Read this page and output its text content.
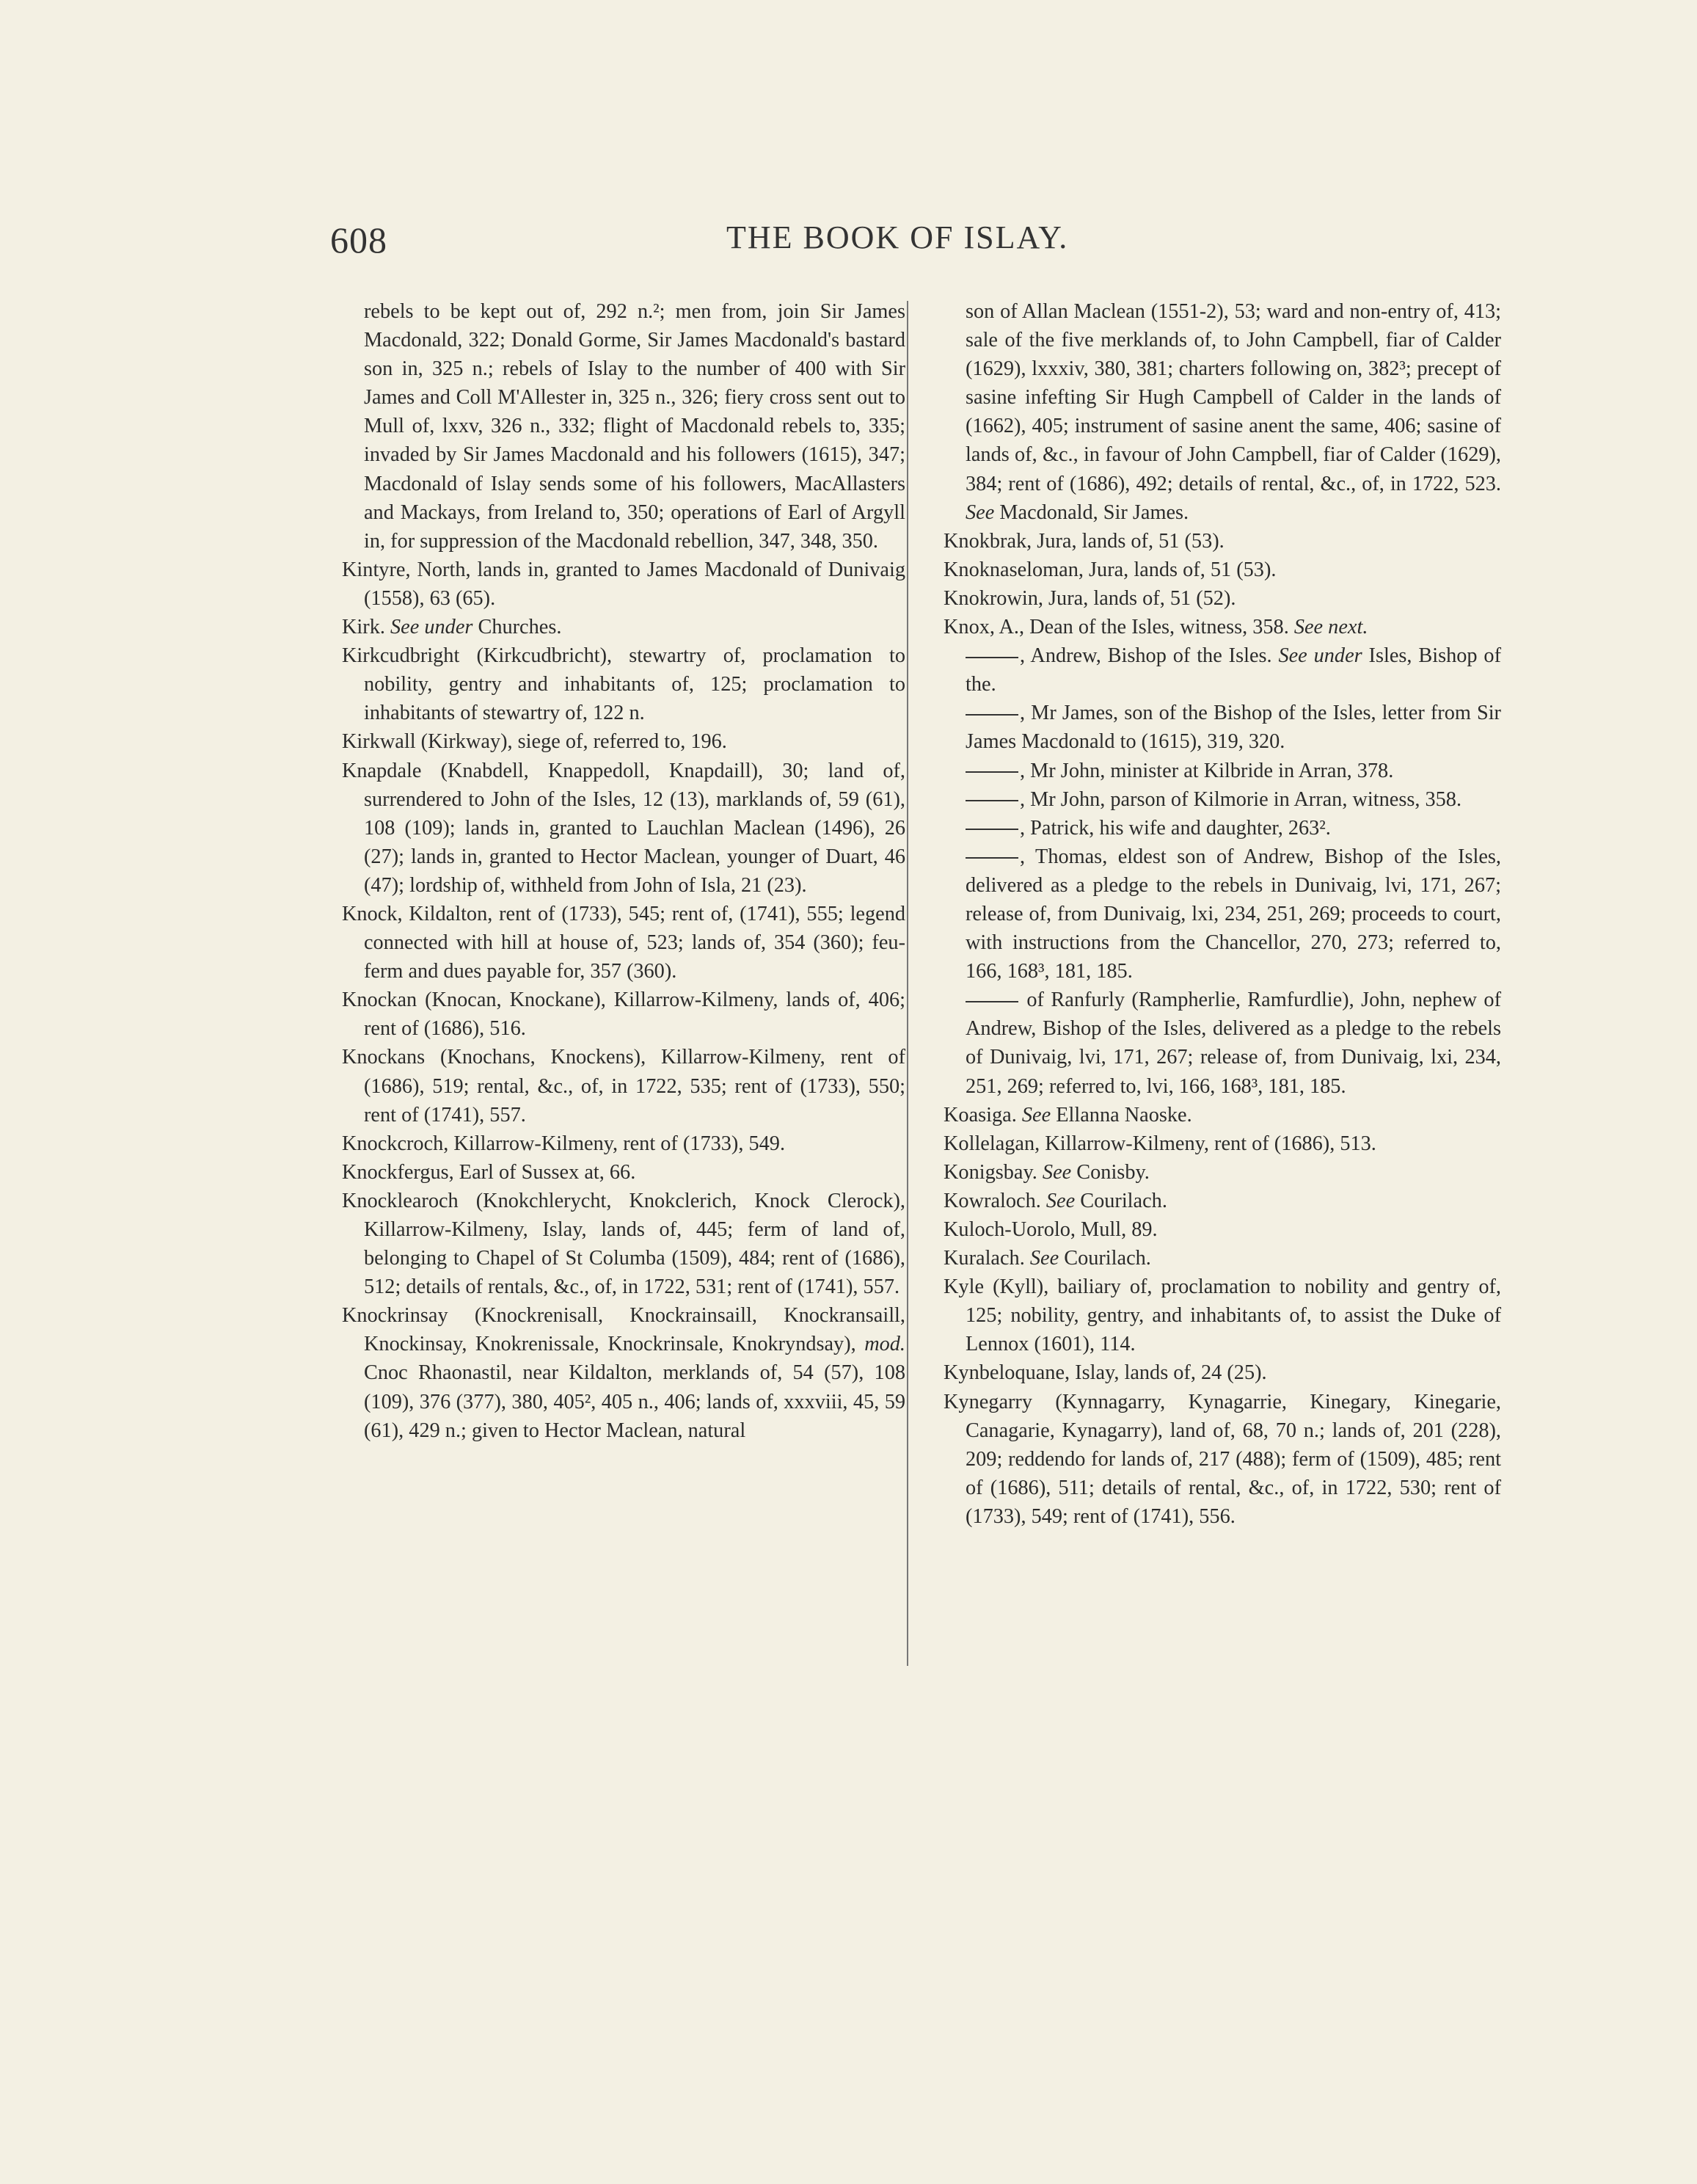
608	THE BOOK OF ISLAY.

rebels to be kept out of, 292 n.²; men from, join Sir James Macdonald, 322; Donald Gorme, Sir James Macdonald's bastard son in, 325 n.; rebels of Islay to the number of 400 with Sir James and Coll M'Allester in, 325 n., 326; fiery cross sent out to Mull of, lxxv, 326 n., 332; flight of Macdonald rebels to, 335; invaded by Sir James Macdonald and his followers (1615), 347; Macdonald of Islay sends some of his followers, MacAllasters and Mackays, from Ireland to, 350; operations of Earl of Argyll in, for suppression of the Macdonald rebellion, 347, 348, 350.

Kintyre, North, lands in, granted to James Macdonald of Dunivaig (1558), 63 (65).

Kirk. See under Churches.

Kirkcudbright (Kirkcudbricht), stewartry of, proclamation to nobility, gentry and inhabitants of, 125; proclamation to inhabitants of stewartry of, 122 n.

Kirkwall (Kirkway), siege of, referred to, 196.

Knapdale (Knabdell, Knappedoll, Knapdaill), 30; land of, surrendered to John of the Isles, 12 (13), marklands of, 59 (61), 108 (109); lands in, granted to Lauchlan Maclean (1496), 26 (27); lands in, granted to Hector Maclean, younger of Duart, 46 (47); lordship of, withheld from John of Isla, 21 (23).

Knock, Kildalton, rent of (1733), 545; rent of, (1741), 555; legend connected with hill at house of, 523; lands of, 354 (360); feu-ferm and dues payable for, 357 (360).

Knockan (Knocan, Knockane), Killarrow-Kilmeny, lands of, 406; rent of (1686), 516.

Knockans (Knochans, Knockens), Killarrow-Kilmeny, rent of (1686), 519; rental, &c., of, in 1722, 535; rent of (1733), 550; rent of (1741), 557.

Knockcroch, Killarrow-Kilmeny, rent of (1733), 549.

Knockfergus, Earl of Sussex at, 66.

Knocklearoch (Knokchlerycht, Knokclerich, Knock Clerock), Killarrow-Kilmeny, Islay, lands of, 445; ferm of land of, belonging to Chapel of St Columba (1509), 484; rent of (1686), 512; details of rentals, &c., of, in 1722, 531; rent of (1741), 557.

Knockrinsay (Knockrenisall, Knockrainsaill, Knockransaill, Knockinsay, Knokrenissale, Knockrinsale, Knokryndsay), mod. Cnoc Rhaonastil, near Kildalton, merklands of, 54 (57), 108 (109), 376 (377), 380, 405², 405 n., 406; lands of, xxxviii, 45, 59 (61), 429 n.; given to Hector Maclean, natural

son of Allan Maclean (1551-2), 53; ward and non-entry of, 413; sale of the five merklands of, to John Campbell, fiar of Calder (1629), lxxxiv, 380, 381; charters following on, 382³; precept of sasine infefting Sir Hugh Campbell of Calder in the lands of (1662), 405; instrument of sasine anent the same, 406; sasine of lands of, &c., in favour of John Campbell, fiar of Calder (1629), 384; rent of (1686), 492; details of rental, &c., of, in 1722, 523. See Macdonald, Sir James.

Knokbrak, Jura, lands of, 51 (53).

Knoknaseloman, Jura, lands of, 51 (53).

Knokrowin, Jura, lands of, 51 (52).

Knox, A., Dean of the Isles, witness, 358. See next.

, Andrew, Bishop of the Isles. See under Isles, Bishop of the.

, Mr James, son of the Bishop of the Isles, letter from Sir James Macdonald to (1615), 319, 320.

, Mr John, minister at Kilbride in Arran, 378.

, Mr John, parson of Kilmorie in Arran, witness, 358.

, Patrick, his wife and daughter, 263².

, Thomas, eldest son of Andrew, Bishop of the Isles, delivered as a pledge to the rebels in Dunivaig, lvi, 171, 267; release of, from Dunivaig, lxi, 234, 251, 269; proceeds to court, with instructions from the Chancellor, 270, 273; referred to, 166, 168³, 181, 185.

of Ranfurly (Rampherlie, Ramfurdlie), John, nephew of Andrew, Bishop of the Isles, delivered as a pledge to the rebels of Dunivaig, lvi, 171, 267; release of, from Dunivaig, lxi, 234, 251, 269; referred to, lvi, 166, 168³, 181, 185.

Koasiga. See Ellanna Naoske.

Kollelagan, Killarrow-Kilmeny, rent of (1686), 513.

Konigsbay. See Conisby.

Kowraloch. See Courilach.

Kuloch-Uorolo, Mull, 89.

Kuralach. See Courilach.

Kyle (Kyll), bailiary of, proclamation to nobility and gentry of, 125; nobility, gentry, and inhabitants of, to assist the Duke of Lennox (1601), 114.

Kynbeloquane, Islay, lands of, 24 (25).

Kynegarry (Kynnagarry, Kynagarrie, Kinegary, Kinegarie, Canagarie, Kynagarry), land of, 68, 70 n.; lands of, 201 (228), 209; reddendo for lands of, 217 (488); ferm of (1509), 485; rent of (1686), 511; details of rental, &c., of, in 1722, 530; rent of (1733), 549; rent of (1741), 556.
